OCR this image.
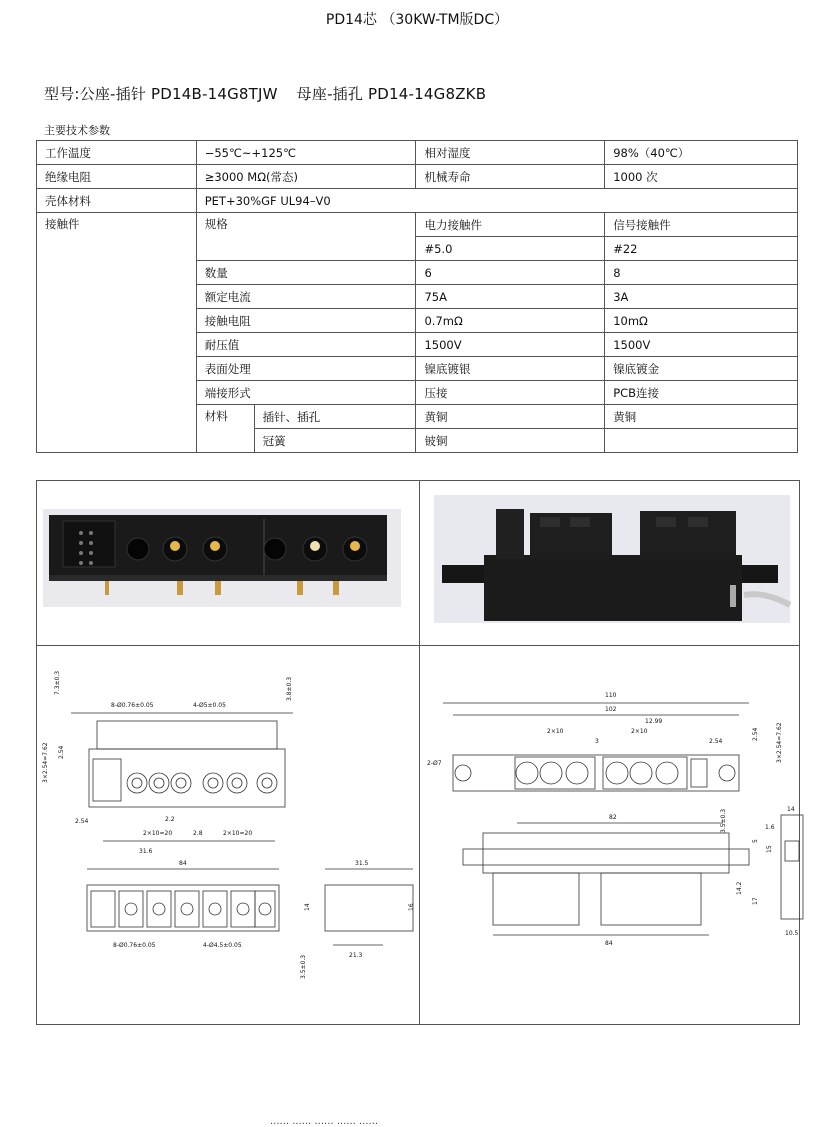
PD14芯 （30KW-TM版DC）
型号:公座-插针 PD14B-14G8TJW 母座-插孔 PD14-14G8ZKB
主要技术参数
工作温度	−55℃~+125℃		相对湿度	98%（40℃）
绝缘电阻	≥3000 MΩ(常态)		机械寿命	1000 次
壳体材料	PET+30%GF UL94–V0			
接触件	规格		电力接触件	信号接触件
			#5.0	#22
	数量		6	8
	额定电流		75A	3A
	接触电阻		0.7mΩ	10mΩ
	耐压值		1500V	1500V
	表面处理		镍底镀银	镍底镀金
	端接形式		压接	PCB连接
	材料	插针、插孔	黄铜	黄铜
		冠簧	铍铜	
7.3±0.3
8-Ø0.76±0.05	4-Ø5±0.05
3.8±0.3
3×2.54=7.62 2.54
2.54	2.2
2×10=20	2.8	2×10=20
31.6
84	31.5
14	16
8-Ø0.76±0.05	4-Ø4.5±0.05
21.3
3.5±0.3
110
102
12.99
2×10	2×10
2.54
3
2.54	3×2.54=7.62
2-Ø7
82	3.5±0.3	14
15
5
14.2
17
84
10.5
1.6
...... ...... ...... ...... ......
